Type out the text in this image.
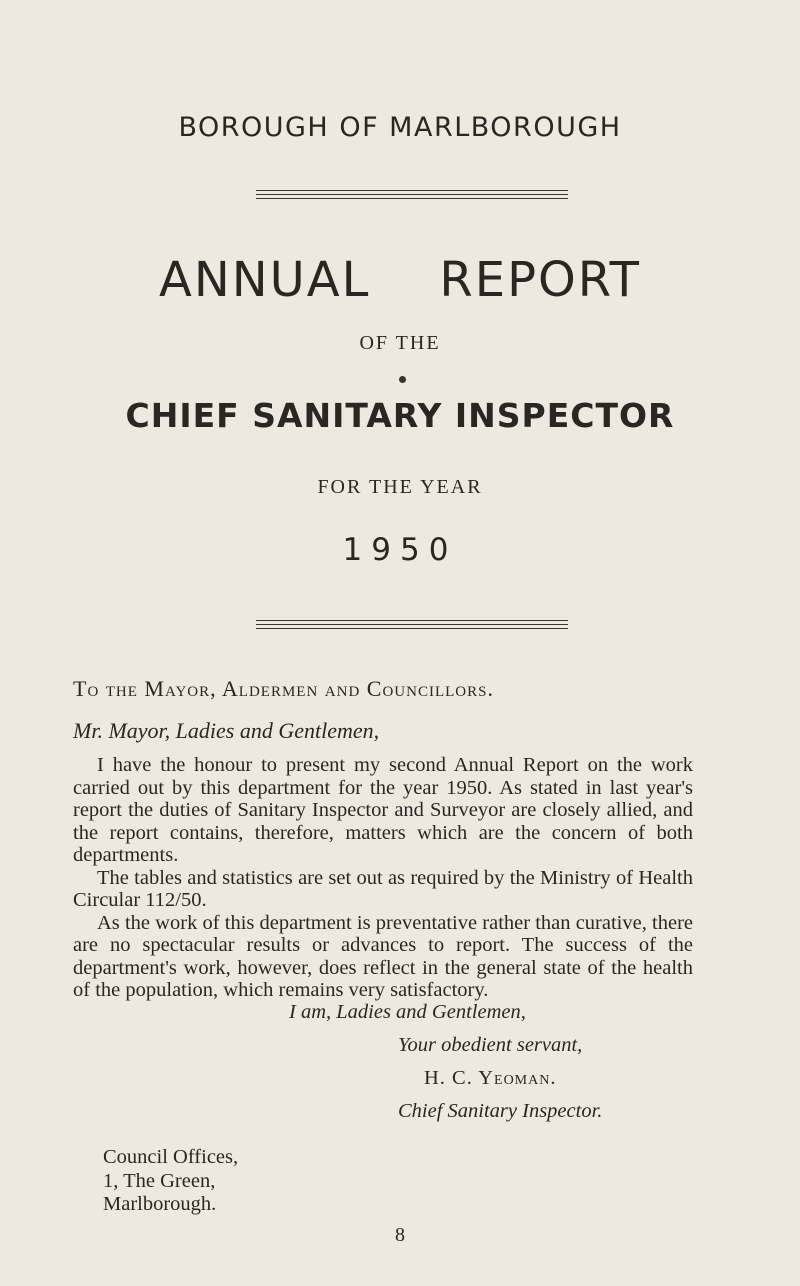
BOROUGH OF MARLBOROUGH
ANNUAL REPORT
OF THE
CHIEF SANITARY INSPECTOR
FOR THE YEAR
1950
To the Mayor, Aldermen and Councillors.
Mr. Mayor, Ladies and Gentlemen,

I have the honour to present my second Annual Report on the work carried out by this department for the year 1950. As stated in last year's report the duties of Sanitary Inspector and Surveyor are closely allied, and the report contains, therefore, matters which are the concern of both departments.

The tables and statistics are set out as required by the Ministry of Health Circular 112/50.

As the work of this department is preventative rather than curative, there are no spectacular results or advances to report. The success of the department's work, however, does reflect in the general state of the health of the population, which remains very satisfactory.

I am, Ladies and Gentlemen,
Your obedient servant,
H. C. Yeoman.
Chief Sanitary Inspector.
Council Offices,
1, The Green,
Marlborough.
8
